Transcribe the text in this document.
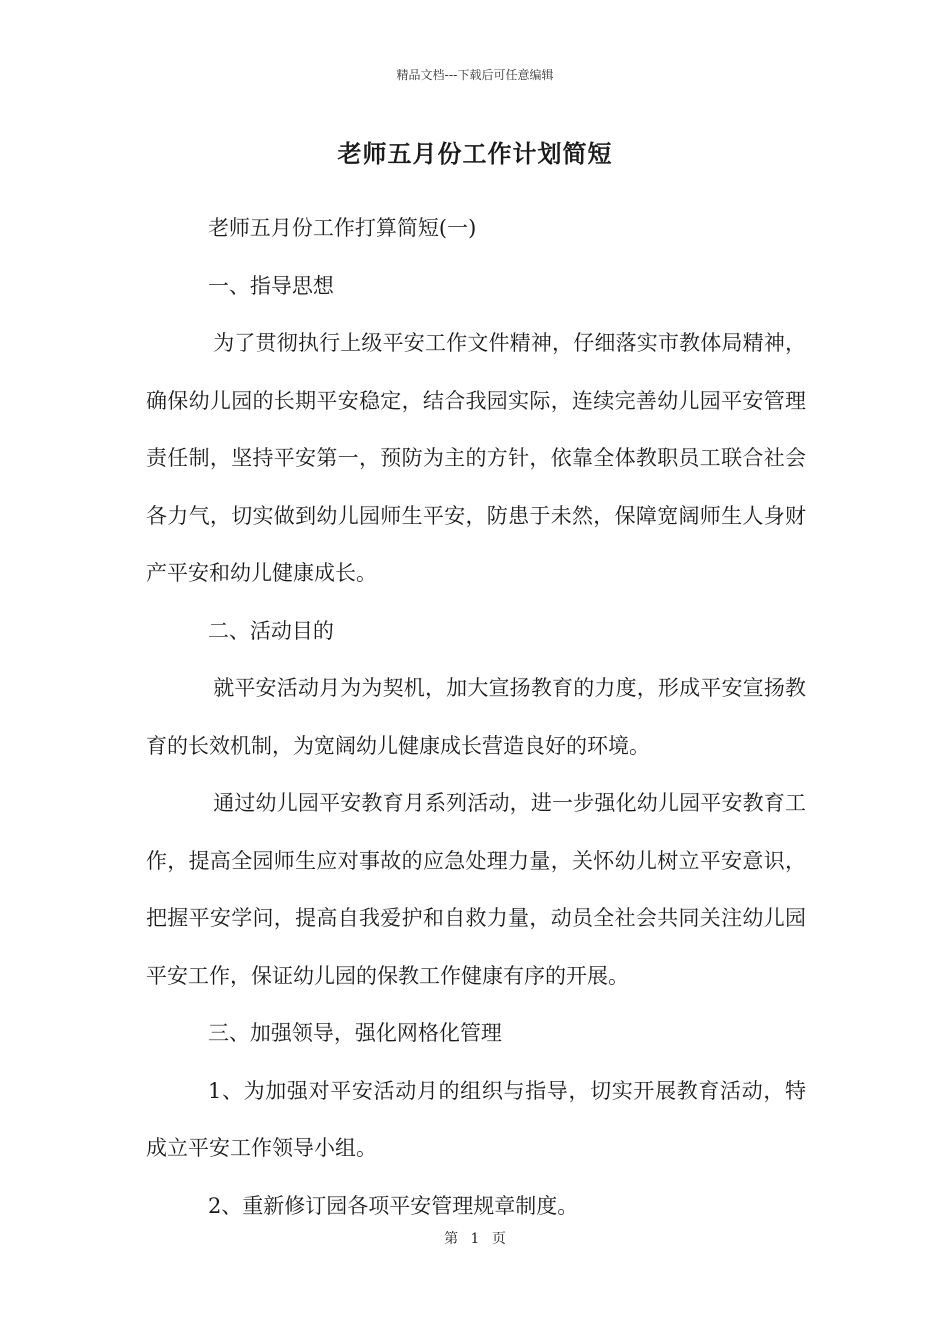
精品文档---下载后可任意编辑
老师五月份工作计划简短

老师五月份工作打算简短(一)

一、指导思想

为了贯彻执行上级平安工作文件精神，仔细落实市教体局精神，确保幼儿园的长期平安稳定，结合我园实际，连续完善幼儿园平安管理责任制，坚持平安第一，预防为主的方针，依靠全体教职员工联合社会各力气，切实做到幼儿园师生平安，防患于未然，保障宽阔师生人身财产平安和幼儿健康成长。

二、活动目的

就平安活动月为为契机，加大宣扬教育的力度，形成平安宣扬教育的长效机制，为宽阔幼儿健康成长营造良好的环境。

通过幼儿园平安教育月系列活动，进一步强化幼儿园平安教育工作，提高全园师生应对事故的应急处理力量，关怀幼儿树立平安意识，把握平安学问，提高自我爱护和自救力量，动员全社会共同关注幼儿园平安工作，保证幼儿园的保教工作健康有序的开展。

三、加强领导，强化网格化管理

1、为加强对平安活动月的组织与指导，切实开展教育活动，特成立平安工作领导小组。

2、重新修订园各项平安管理规章制度。

第 1 页
